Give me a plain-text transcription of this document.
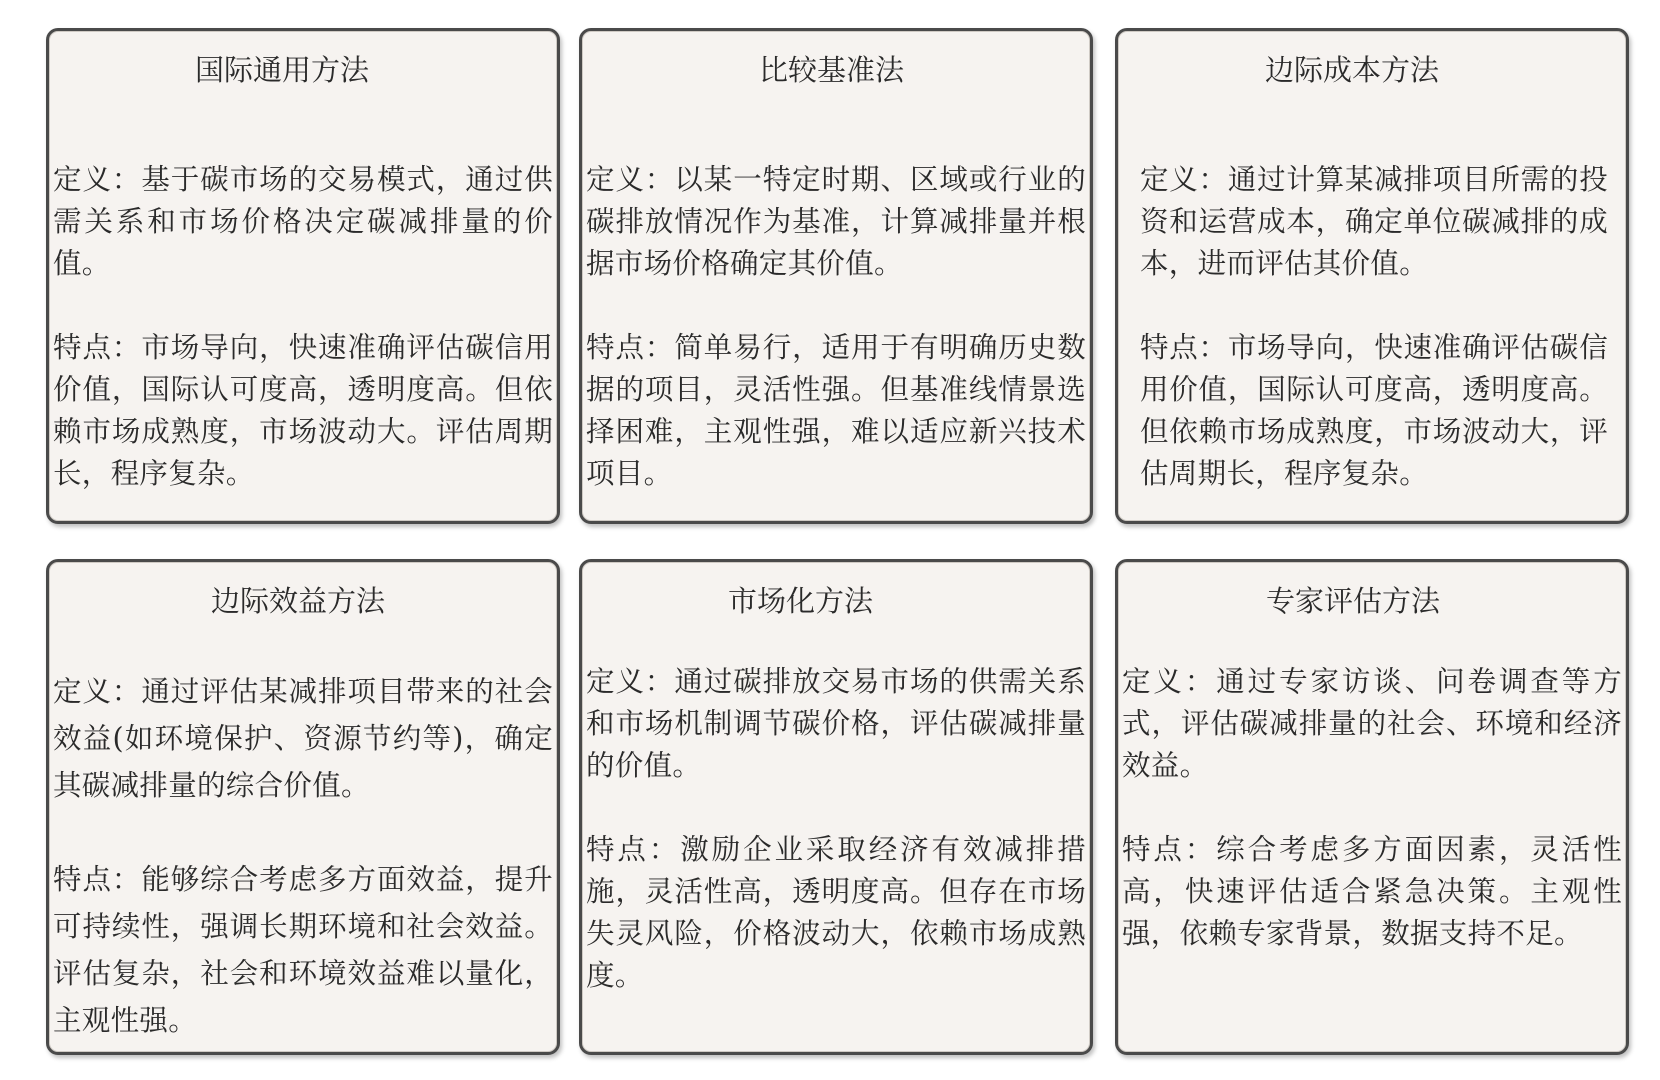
国际通用方法

定义：基于碳市场的交易模式，通过供需关系和市场价格决定碳减排量的价值。

特点：市场导向，快速准确评估碳信用价值，国际认可度高，透明度高。但依赖市场成熟度，市场波动大。评估周期长，程序复杂。

比较基准法

定义：以某一特定时期、区域或行业的碳排放情况作为基准，计算减排量并根据市场价格确定其价值。

特点：简单易行，适用于有明确历史数据的项目，灵活性强。但基准线情景选择困难，主观性强，难以适应新兴技术项目。

边际成本方法

定义：通过计算某减排项目所需的投资和运营成本，确定单位碳减排的成本，进而评估其价值。

特点：市场导向，快速准确评估碳信用价值，国际认可度高，透明度高。但依赖市场成熟度，市场波动大，评估周期长，程序复杂。

边际效益方法

定义：通过评估某减排项目带来的社会效益(如环境保护、资源节约等)，确定其碳减排量的综合价值。

特点：能够综合考虑多方面效益，提升可持续性，强调长期环境和社会效益。评估复杂，社会和环境效益难以量化，主观性强。

市场化方法

定义：通过碳排放交易市场的供需关系和市场机制调节碳价格，评估碳减排量的价值。

特点：激励企业采取经济有效减排措施，灵活性高，透明度高。但存在市场失灵风险，价格波动大，依赖市场成熟度。

专家评估方法

定义：通过专家访谈、问卷调查等方式，评估碳减排量的社会、环境和经济效益。

特点：综合考虑多方面因素，灵活性高，快速评估适合紧急决策。主观性强，依赖专家背景，数据支持不足。
